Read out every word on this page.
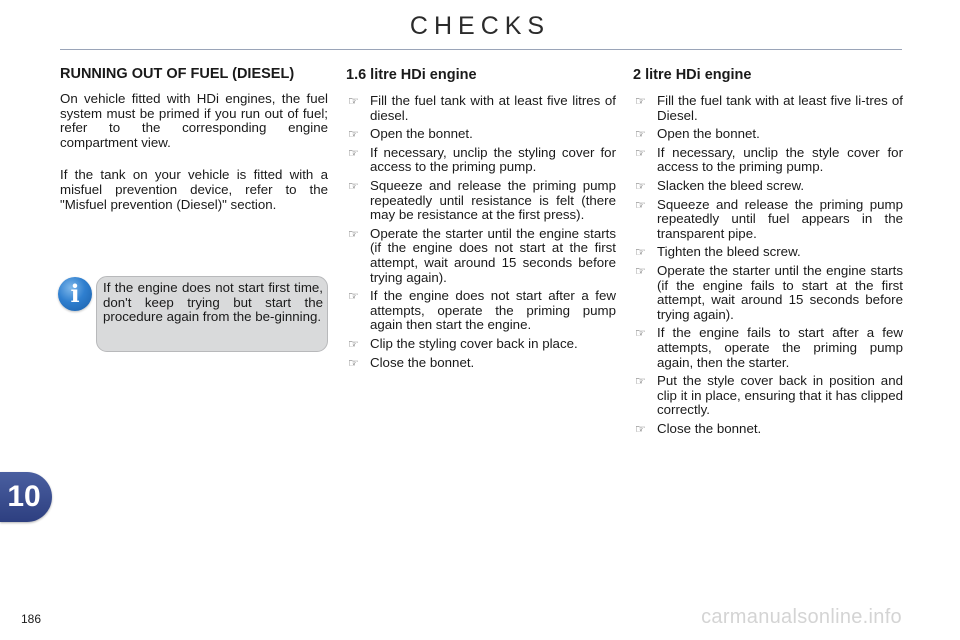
CHECKS
RUNNING OUT OF FUEL (DIESEL)

On vehicle fitted with HDi engines, the fuel system must be primed if you run out of fuel; refer to the corresponding engine compartment view.

If the tank on your vehicle is fitted with a misfuel prevention device, refer to the "Misfuel prevention (Diesel)" section.

i	If the engine does not start first time, don't keep trying but start the procedure again from the be-ginning.
1.6 litre HDi engine
☞ Fill the fuel tank with at least five litres of diesel.
☞ Open the bonnet.
☞ If necessary, unclip the styling cover for access to the priming pump.
☞ Squeeze and release the priming pump repeatedly until resistance is felt (there may be resistance at the first press).
☞ Operate the starter until the engine starts (if the engine does not start at the first attempt, wait around 15 seconds before trying again).
☞ If the engine does not start after a few attempts, operate the priming pump again then start the engine.
☞ Clip the styling cover back in place.
☞ Close the bonnet.
2 litre HDi engine
☞ Fill the fuel tank with at least five li-tres of Diesel.
☞ Open the bonnet.
☞ If necessary, unclip the style cover for access to the priming pump.
☞ Slacken the bleed screw.
☞ Squeeze and release the priming pump repeatedly until fuel appears in the transparent pipe.
☞ Tighten the bleed screw.
☞ Operate the starter until the engine starts (if the engine fails to start at the first attempt, wait around 15 seconds before trying again).
☞ If the engine fails to start after a few attempts, operate the priming pump again, then the starter.
☞ Put the style cover back in position and clip it in place, ensuring that it has clipped correctly.
☞ Close the bonnet.
10
186	carmanualsonline.info
